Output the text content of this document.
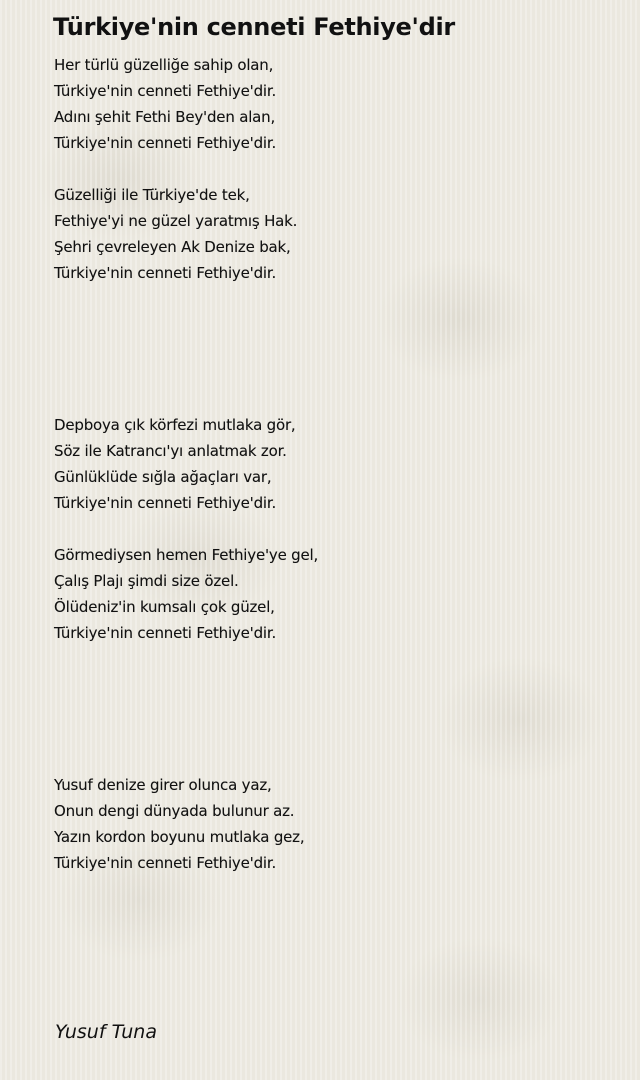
Türkiye'nin cenneti Fethiye'dir
Her türlü güzelliğe sahip olan,
Türkiye'nin cenneti Fethiye'dir.
Adını şehit Fethi Bey'den alan,
Türkiye'nin cenneti Fethiye'dir.
Güzelliği ile Türkiye'de tek,
Fethiye'yi ne güzel yaratmış Hak.
Şehri çevreleyen Ak Denize bak,
Türkiye'nin cenneti Fethiye'dir.
Depboya çık körfezi mutlaka gör,
Söz ile Katrancı'yı anlatmak zor.
Günlüklüde sığla ağaçları var,
Türkiye'nin cenneti Fethiye'dir.
Görmediysen hemen Fethiye'ye gel,
Çalış Plajı şimdi size özel.
Ölüdeniz'in kumsalı çok güzel,
Türkiye'nin cenneti Fethiye'dir.
Yusuf denize girer olunca yaz,
Onun dengi dünyada bulunur az.
Yazın kordon boyunu mutlaka gez,
Türkiye'nin cenneti Fethiye'dir.

Yusuf Tuna
